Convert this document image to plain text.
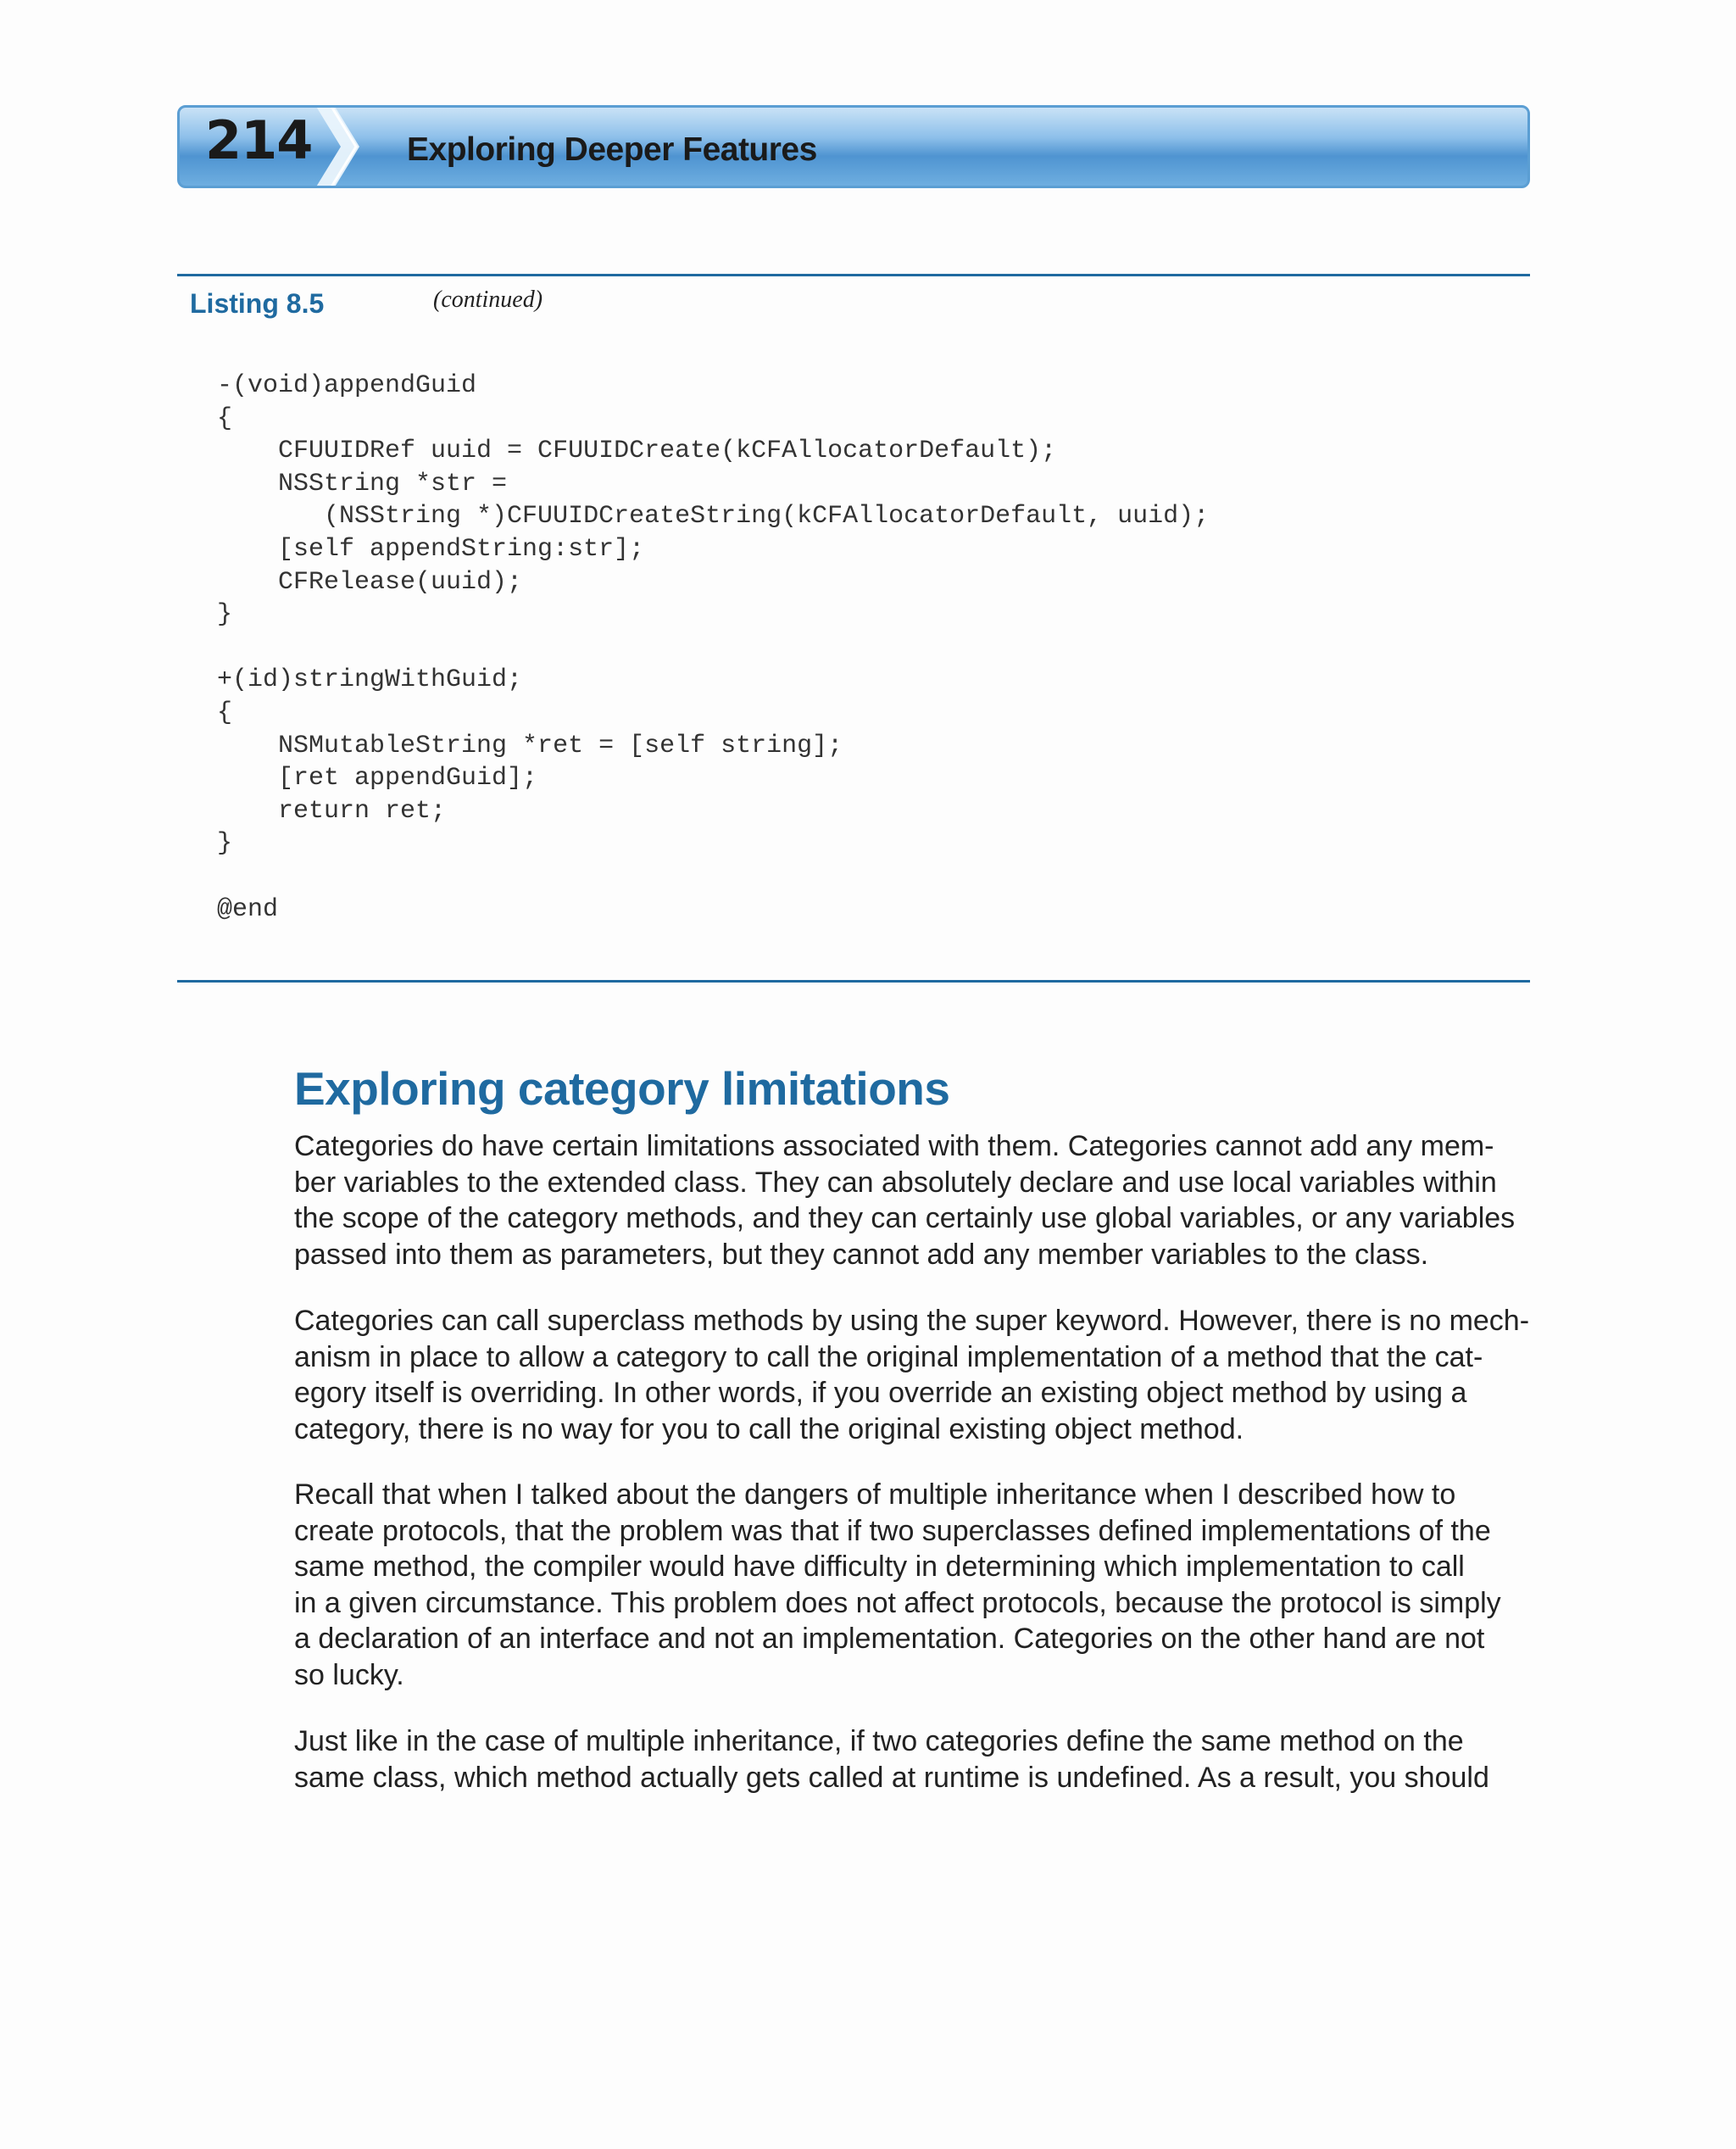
214	Exploring Deeper Features
Listing 8.5	(continued)
-(void)appendGuid
{
CFUUIDRef uuid = CFUUIDCreate(kCFAllocatorDefault);
NSString *str =
(NSString *)CFUUIDCreateString(kCFAllocatorDefault, uuid);
[self appendString:str];
CFRelease(uuid);
}
+(id)stringWithGuid;
{
NSMutableString *ret = [self string];
[ret appendGuid];
return ret;
}
@end
Exploring category limitations

Categories do have certain limitations associated with them. Categories cannot add any mem-
ber variables to the extended class. They can absolutely declare and use local variables within
the scope of the category methods, and they can certainly use global variables, or any variables
passed into them as parameters, but they cannot add any member variables to the class.

Categories can call superclass methods by using the super keyword. However, there is no mech-
anism in place to allow a category to call the original implementation of a method that the cat-
egory itself is overriding. In other words, if you override an existing object method by using a
category, there is no way for you to call the original existing object method.

Recall that when I talked about the dangers of multiple inheritance when I described how to
create protocols, that the problem was that if two superclasses defined implementations of the
same method, the compiler would have difficulty in determining which implementation to call
in a given circumstance. This problem does not affect protocols, because the protocol is simply
a declaration of an interface and not an implementation. Categories on the other hand are not
so lucky.

Just like in the case of multiple inheritance, if two categories define the same method on the
same class, which method actually gets called at runtime is undefined. As a result, you should
